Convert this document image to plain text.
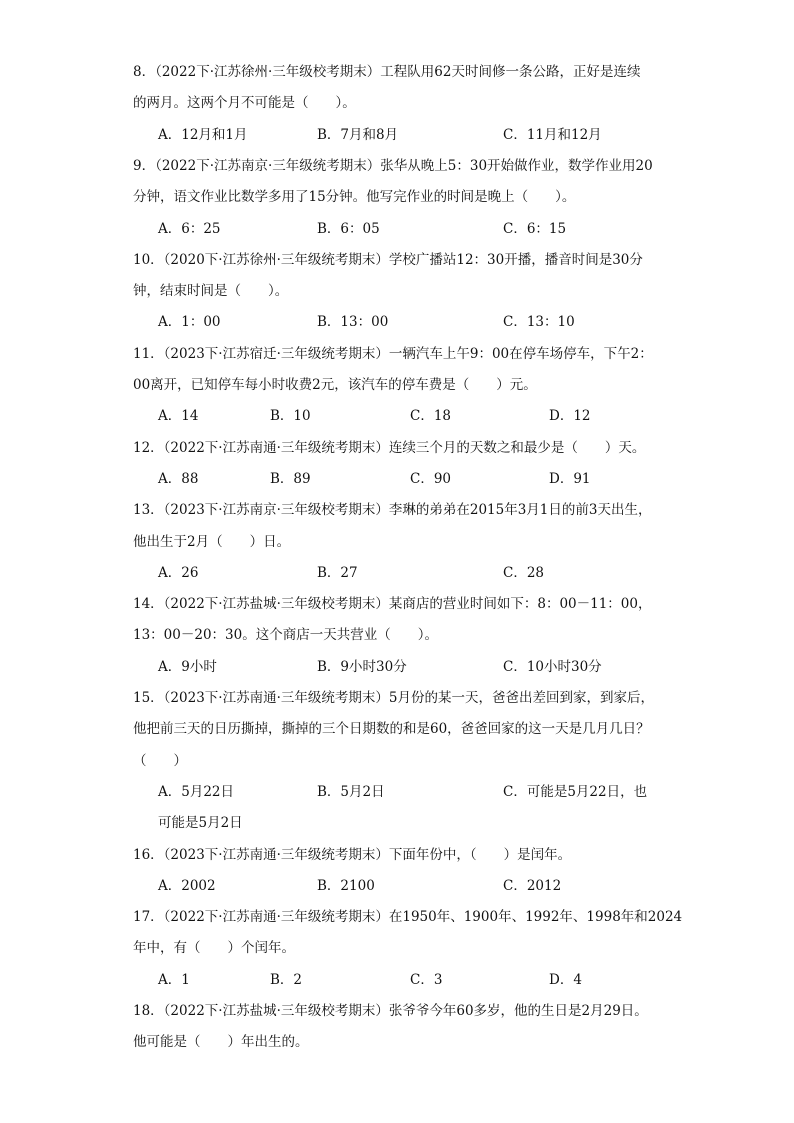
8．（2022下·江苏徐州·三年级校考期末）工程队用62天时间修一条公路，正好是连续
的两月。这两个月不可能是（　　）。
A．12月和1月	B．7月和8月	C．11月和12月
9．（2022下·江苏南京·三年级统考期末）张华从晚上5：30开始做作业，数学作业用20
分钟，语文作业比数学多用了15分钟。他写完作业的时间是晚上（　　）。
A．6：25	B．6：05	C．6：15
10．（2020下·江苏徐州·三年级统考期末）学校广播站12：30开播，播音时间是30分
钟，结束时间是（　　）。
A．1：00	B．13：00	C．13：10
11．（2023下·江苏宿迁·三年级统考期末）一辆汽车上午9：00在停车场停车，下午2：
00离开，已知停车每小时收费2元，该汽车的停车费是（　　）元。
A．14	B．10	C．18	D．12
12．（2022下·江苏南通·三年级统考期末）连续三个月的天数之和最少是（　　）天。
A．88	B．89	C．90	D．91
13．（2023下·江苏南京·三年级校考期末）李琳的弟弟在2015年3月1日的前3天出生，
他出生于2月（　　）日。
A．26	B．27	C．28
14．（2022下·江苏盐城·三年级校考期末）某商店的营业时间如下：8：00－11：00，
13：00－20：30。这个商店一天共营业（　　）。
A．9小时	B．9小时30分	C．10小时30分
15．（2023下·江苏南通·三年级统考期末）5月份的某一天，爸爸出差回到家，到家后，
他把前三天的日历撕掉，撕掉的三个日期数的和是60，爸爸回家的这一天是几月几日？
（　　）
A．5月22日	B．5月2日	C．可能是5月22日，也
可能是5月2日
16．（2023下·江苏南通·三年级统考期末）下面年份中，（　　）是闰年。
A．2002	B．2100	C．2012
17．（2022下·江苏南通·三年级统考期末）在1950年、1900年、1992年、1998年和2024
年中，有（　　）个闰年。
A．1	B．2	C．3	D．4
18．（2022下·江苏盐城·三年级校考期末）张爷爷今年60多岁，他的生日是2月29日。
他可能是（　　）年出生的。
